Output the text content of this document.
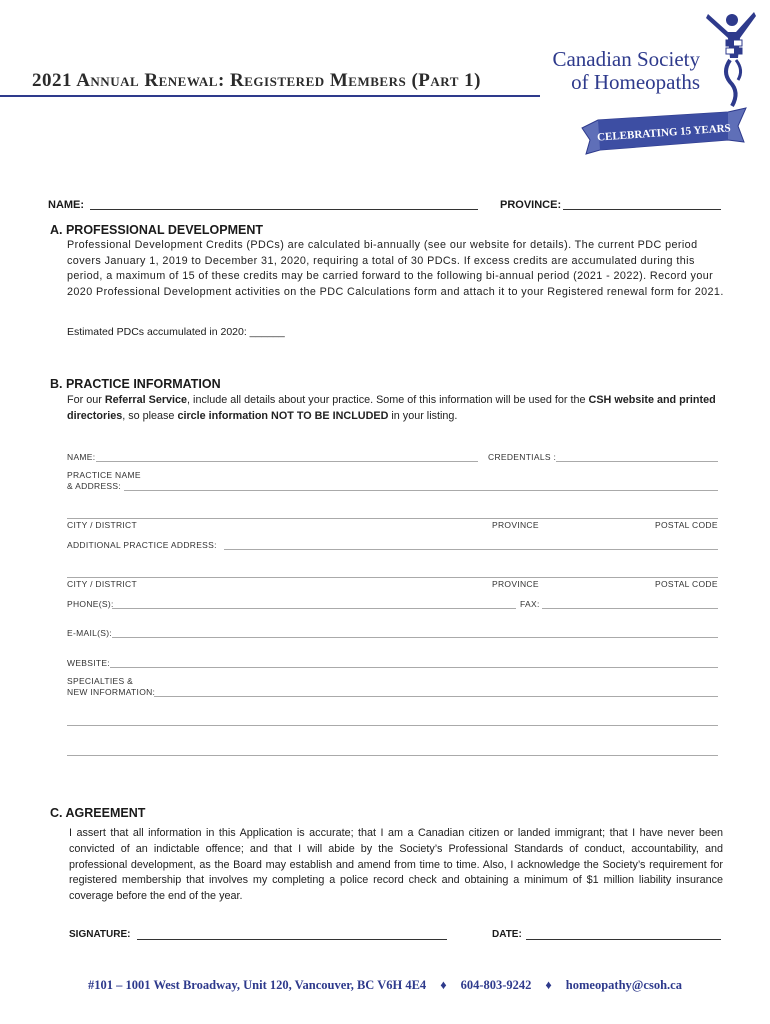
2021 Annual Renewal: Registered Members (Part 1)
Canadian Society
of Homeopaths
CELEBRATING 15 YEARS
NAME:	PROVINCE:
A. PROFESSIONAL DEVELOPMENT
Professional Development Credits (PDCs) are calculated bi-annually (see our website for details). The current PDC period covers January 1, 2019 to December 31, 2020, requiring a total of 30 PDCs. If excess credits are accumulated during this period, a maximum of 15 of these credits may be carried forward to the following bi-annual period (2021 - 2022). Record your 2020 Professional Development activities on the PDC Calculations form and attach it to your Registered renewal form for 2021.
Estimated PDCs accumulated in 2020: ______
B. PRACTICE INFORMATION
For our Referral Service, include all details about your practice. Some of this information will be used for the CSH website and printed directories, so please circle information NOT TO BE INCLUDED in your listing.
NAME:	CREDENTIALS :
PRACTICE NAME
& ADDRESS:
CITY / DISTRICT	PROVINCE	POSTAL CODE
ADDITIONAL PRACTICE ADDRESS:
CITY / DISTRICT	PROVINCE	POSTAL CODE
PHONE(S):	FAX:
E-MAIL(S):
WEBSITE:
SPECIALTIES &
NEW INFORMATION:
C. AGREEMENT
I assert that all information in this Application is accurate; that I am a Canadian citizen or landed immigrant; that I have never been convicted of an indictable offence; and that I will abide by the Society’s Professional Standards of conduct, accountability, and professional development, as the Board may establish and amend from time to time. Also, I acknowledge the Society’s requirement for registered membership that involves my completing a police record check and obtaining a minimum of $1 million liability insurance coverage before the end of the year.
SIGNATURE:	DATE:
#101 – 1001 West Broadway, Unit 120, Vancouver, BC V6H 4E4 ♦ 604-803-9242 ♦ homeopathy@csoh.ca
